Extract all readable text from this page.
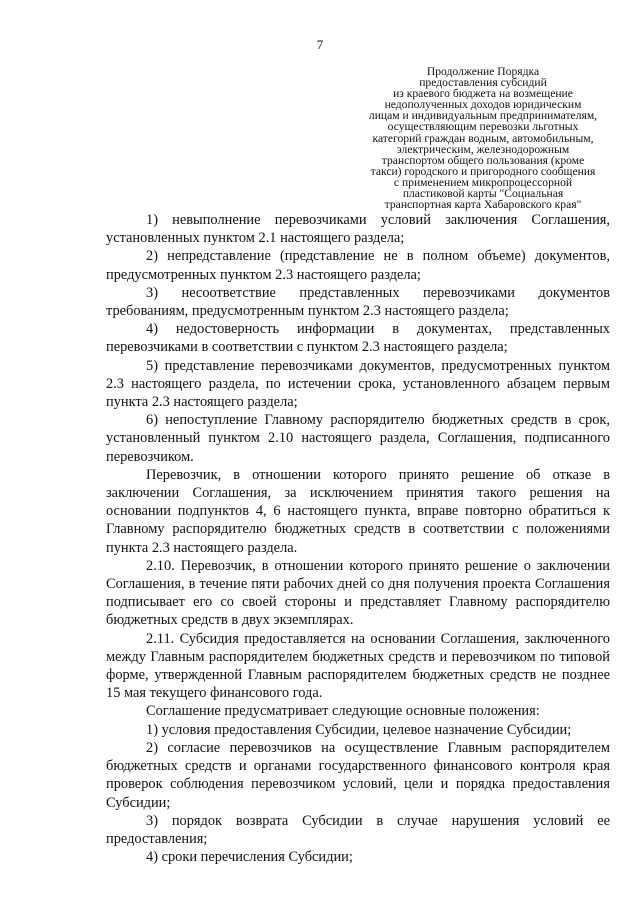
7
Продолжение Порядка
предоставления субсидий
из краевого бюджета на возмещение
недополученных доходов юридическим
лицам и индивидуальным предпринимателям,
осуществляющим перевозки льготных
категорий граждан водным, автомобильным,
электрическим, железнодорожным
транспортом общего пользования (кроме
такси) городского и пригородного сообщения
с применением микропроцессорной
пластиковой карты "Социальная
транспортная карта Хабаровского края"

1) невыполнение перевозчиками условий заключения Соглашения, установленных пунктом 2.1 настоящего раздела;

2) непредставление (представление не в полном объеме) документов, предусмотренных пунктом 2.3 настоящего раздела;

3) несоответствие представленных перевозчиками документов требованиям, предусмотренным пунктом 2.3 настоящего раздела;

4) недостоверность информации в документах, представленных перевозчиками в соответствии с пунктом 2.3 настоящего раздела;

5) представление перевозчиками документов, предусмотренных пунктом 2.3 настоящего раздела, по истечении срока, установленного абзацем первым пункта 2.3 настоящего раздела;

6) непоступление Главному распорядителю бюджетных средств в срок, установленный пунктом 2.10 настоящего раздела, Соглашения, подписанного перевозчиком.

Перевозчик, в отношении которого принято решение об отказе в заключении Соглашения, за исключением принятия такого решения на основании подпунктов 4, 6 настоящего пункта, вправе повторно обратиться к Главному распорядителю бюджетных средств в соответствии с положениями пункта 2.3 настоящего раздела.

2.10. Перевозчик, в отношении которого принято решение о заключении Соглашения, в течение пяти рабочих дней со дня получения проекта Соглашения подписывает его со своей стороны и представляет Главному распорядителю бюджетных средств в двух экземплярах.

2.11. Субсидия предоставляется на основании Соглашения, заключенного между Главным распорядителем бюджетных средств и перевозчиком по типовой форме, утвержденной Главным распорядителем бюджетных средств не позднее 15 мая текущего финансового года.

Соглашение предусматривает следующие основные положения:

1) условия предоставления Субсидии, целевое назначение Субсидии;

2) согласие перевозчиков на осуществление Главным распорядителем бюджетных средств и органами государственного финансового контроля края проверок соблюдения перевозчиком условий, цели и порядка предоставления Субсидии;

3) порядок возврата Субсидии в случае нарушения условий ее предоставления;

4) сроки перечисления Субсидии;
